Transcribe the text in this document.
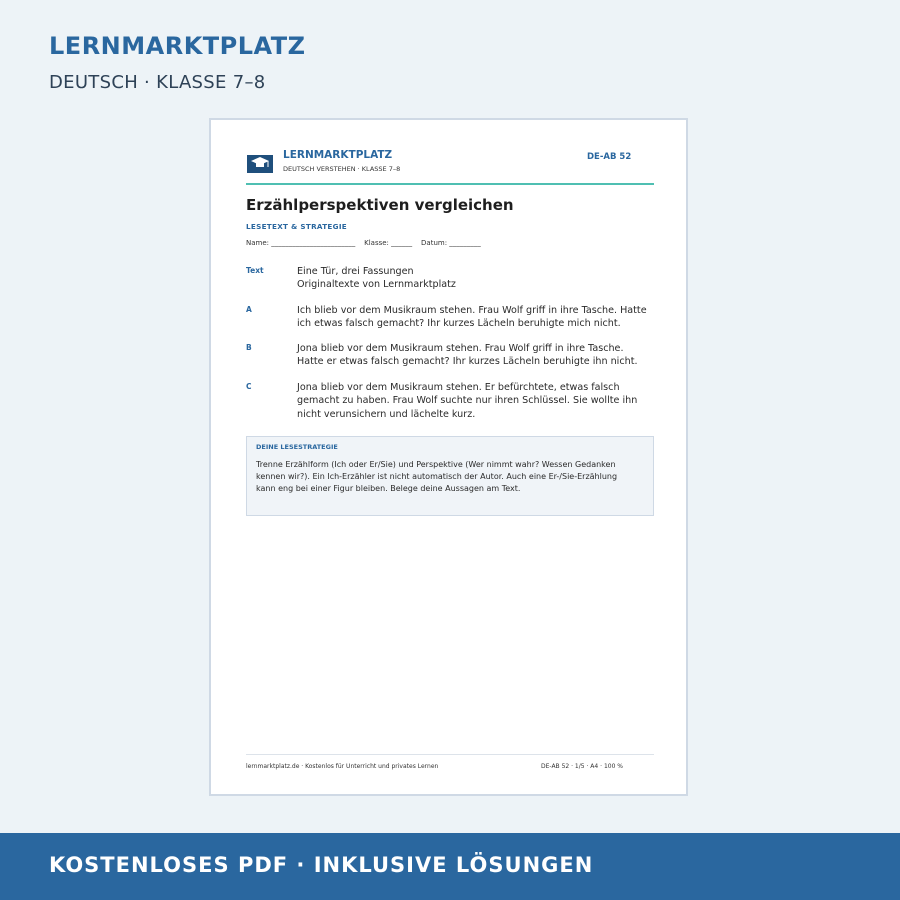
LERNMARKTPLATZ
DEUTSCH · KLASSE 7–8
LERNMARKTPLATZ
DEUTSCH VERSTEHEN · KLASSE 7–8
DE-AB 52
Erzählperspektiven vergleichen
LESETEXT & STRATEGIE
Name: ________________________    Klasse: ______    Datum: _________
Text	Eine Tür, drei Fassungen
Originaltexte von Lernmarktplatz
A	Ich blieb vor dem Musikraum stehen. Frau Wolf griff in ihre Tasche. Hatte
ich etwas falsch gemacht? Ihr kurzes Lächeln beruhigte mich nicht.
B	Jona blieb vor dem Musikraum stehen. Frau Wolf griff in ihre Tasche.
Hatte er etwas falsch gemacht? Ihr kurzes Lächeln beruhigte ihn nicht.
C	Jona blieb vor dem Musikraum stehen. Er befürchtete, etwas falsch
gemacht zu haben. Frau Wolf suchte nur ihren Schlüssel. Sie wollte ihn
nicht verunsichern und lächelte kurz.
DEINE LESESTRATEGIE
Trenne Erzählform (Ich oder Er/Sie) und Perspektive (Wer nimmt wahr? Wessen Gedanken
kennen wir?). Ein Ich-Erzähler ist nicht automatisch der Autor. Auch eine Er-/Sie-Erzählung
kann eng bei einer Figur bleiben. Belege deine Aussagen am Text.
lernmarktplatz.de · Kostenlos für Unterricht und privates Lernen	DE-AB 52 · 1/5 · A4 · 100 %
KOSTENLOSES PDF · INKLUSIVE LÖSUNGEN
